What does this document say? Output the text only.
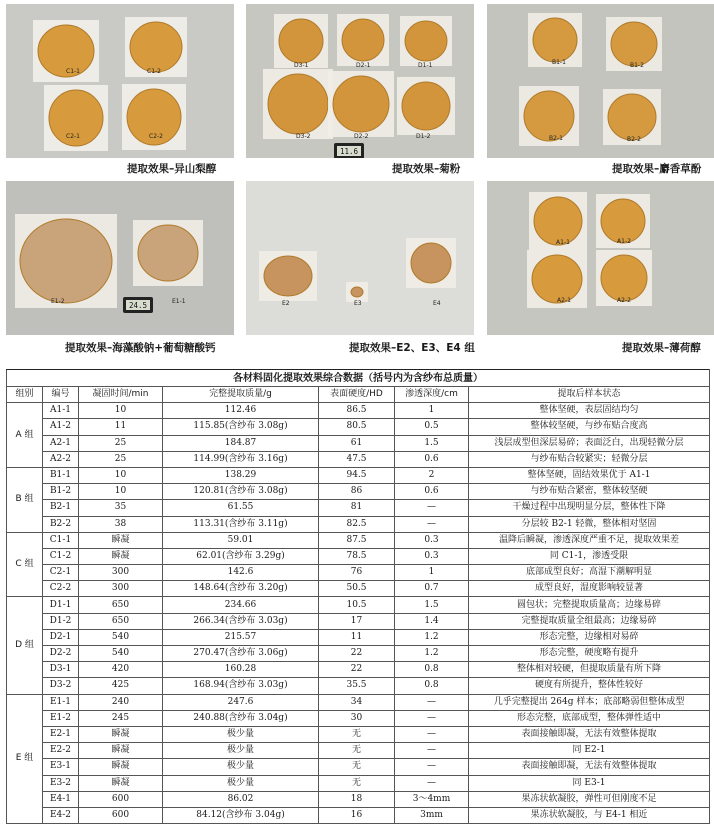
C1-1	C1-2
C2-1	C2-2
提取效果–异山梨醇
D3-1	D2-1	D1-1
D3-2	D2-2	D1-2
11.6
提取效果–菊粉
B1-1	B1-2
B2-1	B2-2
提取效果–麝香草酚
E1-2	E1-1
24.5
提取效果–海藻酸钠+葡萄糖酸钙
E2	E3	E4
提取效果–E2、E3、E4 组
A1-1	A1-2
A2-1	A2-2
提取效果–薄荷醇
各材料固化提取效果综合数据（括号内为含纱布总质量）						
组别	编号	凝固时间/min	完整提取质量/g	表面硬度/HD	渗透深度/cm	提取后样本状态
A 组	A1-1	10	112.46	86.5	1	整体坚硬，表层固结均匀
	A1-2	11	115.85(含纱布 3.08g)	80.5	0.5	整体较坚硬，与纱布贴合度高
	A2-1	25	184.87	61	1.5	浅层成型但深层易碎；表面泛白，出现轻微分层
	A2-2	25	114.99(含纱布 3.16g)	47.5	0.6	与纱布贴合较紧实；轻微分层
B 组	B1-1	10	138.29	94.5	2	整体坚硬，固结效果优于 A1-1
	B1-2	10	120.81(含纱布 3.08g)	86	0.6	与纱布贴合紧密，整体较坚硬
	B2-1	35	61.55	81	—	干燥过程中出现明显分层，整体性下降
	B2-2	38	113.31(含纱布 3.11g)	82.5	—	分层较 B2-1 轻微，整体相对坚固
C 组	C1-1	瞬凝	59.01	87.5	0.3	温降后瞬凝，渗透深度严重不足，提取效果差
	C1-2	瞬凝	62.01(含纱布 3.29g)	78.5	0.3	同 C1-1，渗透受限
	C2-1	300	142.6	76	1	底部成型良好；高湿下潮解明显
	C2-2	300	148.64(含纱布 3.20g)	50.5	0.7	成型良好，湿度影响较显著
D 组	D1-1	650	234.66	10.5	1.5	圆包状；完整提取质量高；边缘易碎
	D1-2	650	266.34(含纱布 3.03g)	17	1.4	完整提取质量全组最高；边缘易碎
	D2-1	540	215.57	11	1.2	形态完整，边缘相对易碎
	D2-2	540	270.47(含纱布 3.06g)	22	1.2	形态完整，硬度略有提升
	D3-1	420	160.28	22	0.8	整体相对较硬，但提取质量有所下降
	D3-2	425	168.94(含纱布 3.03g)	35.5	0.8	硬度有所提升，整体性较好
E 组	E1-1	240	247.6	34	—	几乎完整提出 264g 样本；底部略弱但整体成型
	E1-2	245	240.88(含纱布 3.04g)	30	—	形态完整，底部成型，整体弹性适中
	E2-1	瞬凝	极少量	无	—	表面接触即凝，无法有效整体提取
	E2-2	瞬凝	极少量	无	—	同 E2-1
	E3-1	瞬凝	极少量	无	—	表面接触即凝，无法有效整体提取
	E3-2	瞬凝	极少量	无	—	同 E3-1
	E4-1	600	86.02	18	3～4mm	果冻状软凝胶，弹性可但刚度不足
	E4-2	600	84.12(含纱布 3.04g)	16	3mm	果冻状软凝胶，与 E4-1 相近
